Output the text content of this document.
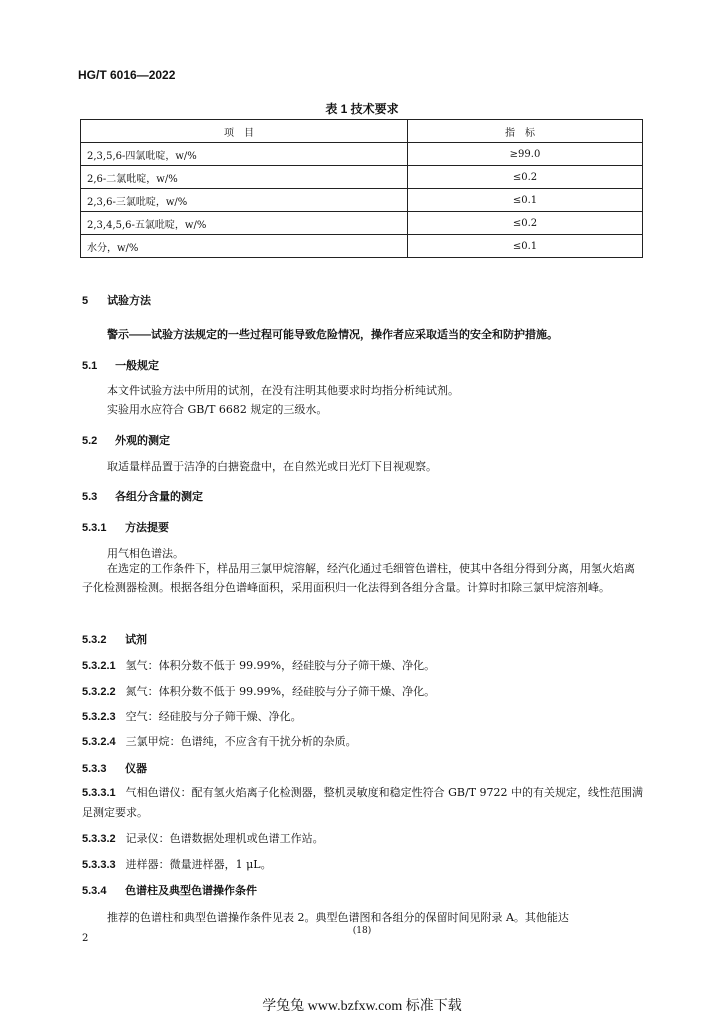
HG/T 6016—2022
表 1 技术要求
项目	指标
2,3,5,6-四氯吡啶，w/%	≥99.0
2,6-二氯吡啶，w/%	≤0.2
2,3,6-三氯吡啶，w/%	≤0.1
2,3,4,5,6-五氯吡啶，w/%	≤0.2
水分，w/%	≤0.1
5 试验方法
警示——试验方法规定的一些过程可能导致危险情况，操作者应采取适当的安全和防护措施。
5.1 一般规定
本文件试验方法中所用的试剂，在没有注明其他要求时均指分析纯试剂。
实验用水应符合 GB/T 6682 规定的三级水。
5.2 外观的测定
取适量样品置于洁净的白搪瓷盘中，在自然光或日光灯下目视观察。
5.3 各组分含量的测定
5.3.1 方法提要
用气相色谱法。
在选定的工作条件下，样品用三氯甲烷溶解，经汽化通过毛细管色谱柱，使其中各组分得到分离，用氢火焰离子化检测器检测。根据各组分色谱峰面积，采用面积归一化法得到各组分含量。计算时扣除三氯甲烷溶剂峰。
5.3.2 试剂
5.3.2.1 氢气：体积分数不低于 99.99%，经硅胶与分子筛干燥、净化。
5.3.2.2 氮气：体积分数不低于 99.99%，经硅胶与分子筛干燥、净化。
5.3.2.3 空气：经硅胶与分子筛干燥、净化。
5.3.2.4 三氯甲烷：色谱纯，不应含有干扰分析的杂质。
5.3.3 仪器
5.3.3.1 气相色谱仪：配有氢火焰离子化检测器，整机灵敏度和稳定性符合 GB/T 9722 中的有关规定，线性范围满足测定要求。
5.3.3.2 记录仪：色谱数据处理机或色谱工作站。
5.3.3.3 进样器：微量进样器，1 μL。
5.3.4 色谱柱及典型色谱操作条件
推荐的色谱柱和典型色谱操作条件见表 2。典型色谱图和各组分的保留时间见附录 A。其他能达
2
(18)
学兔兔 www.bzfxw.com 标准下载
